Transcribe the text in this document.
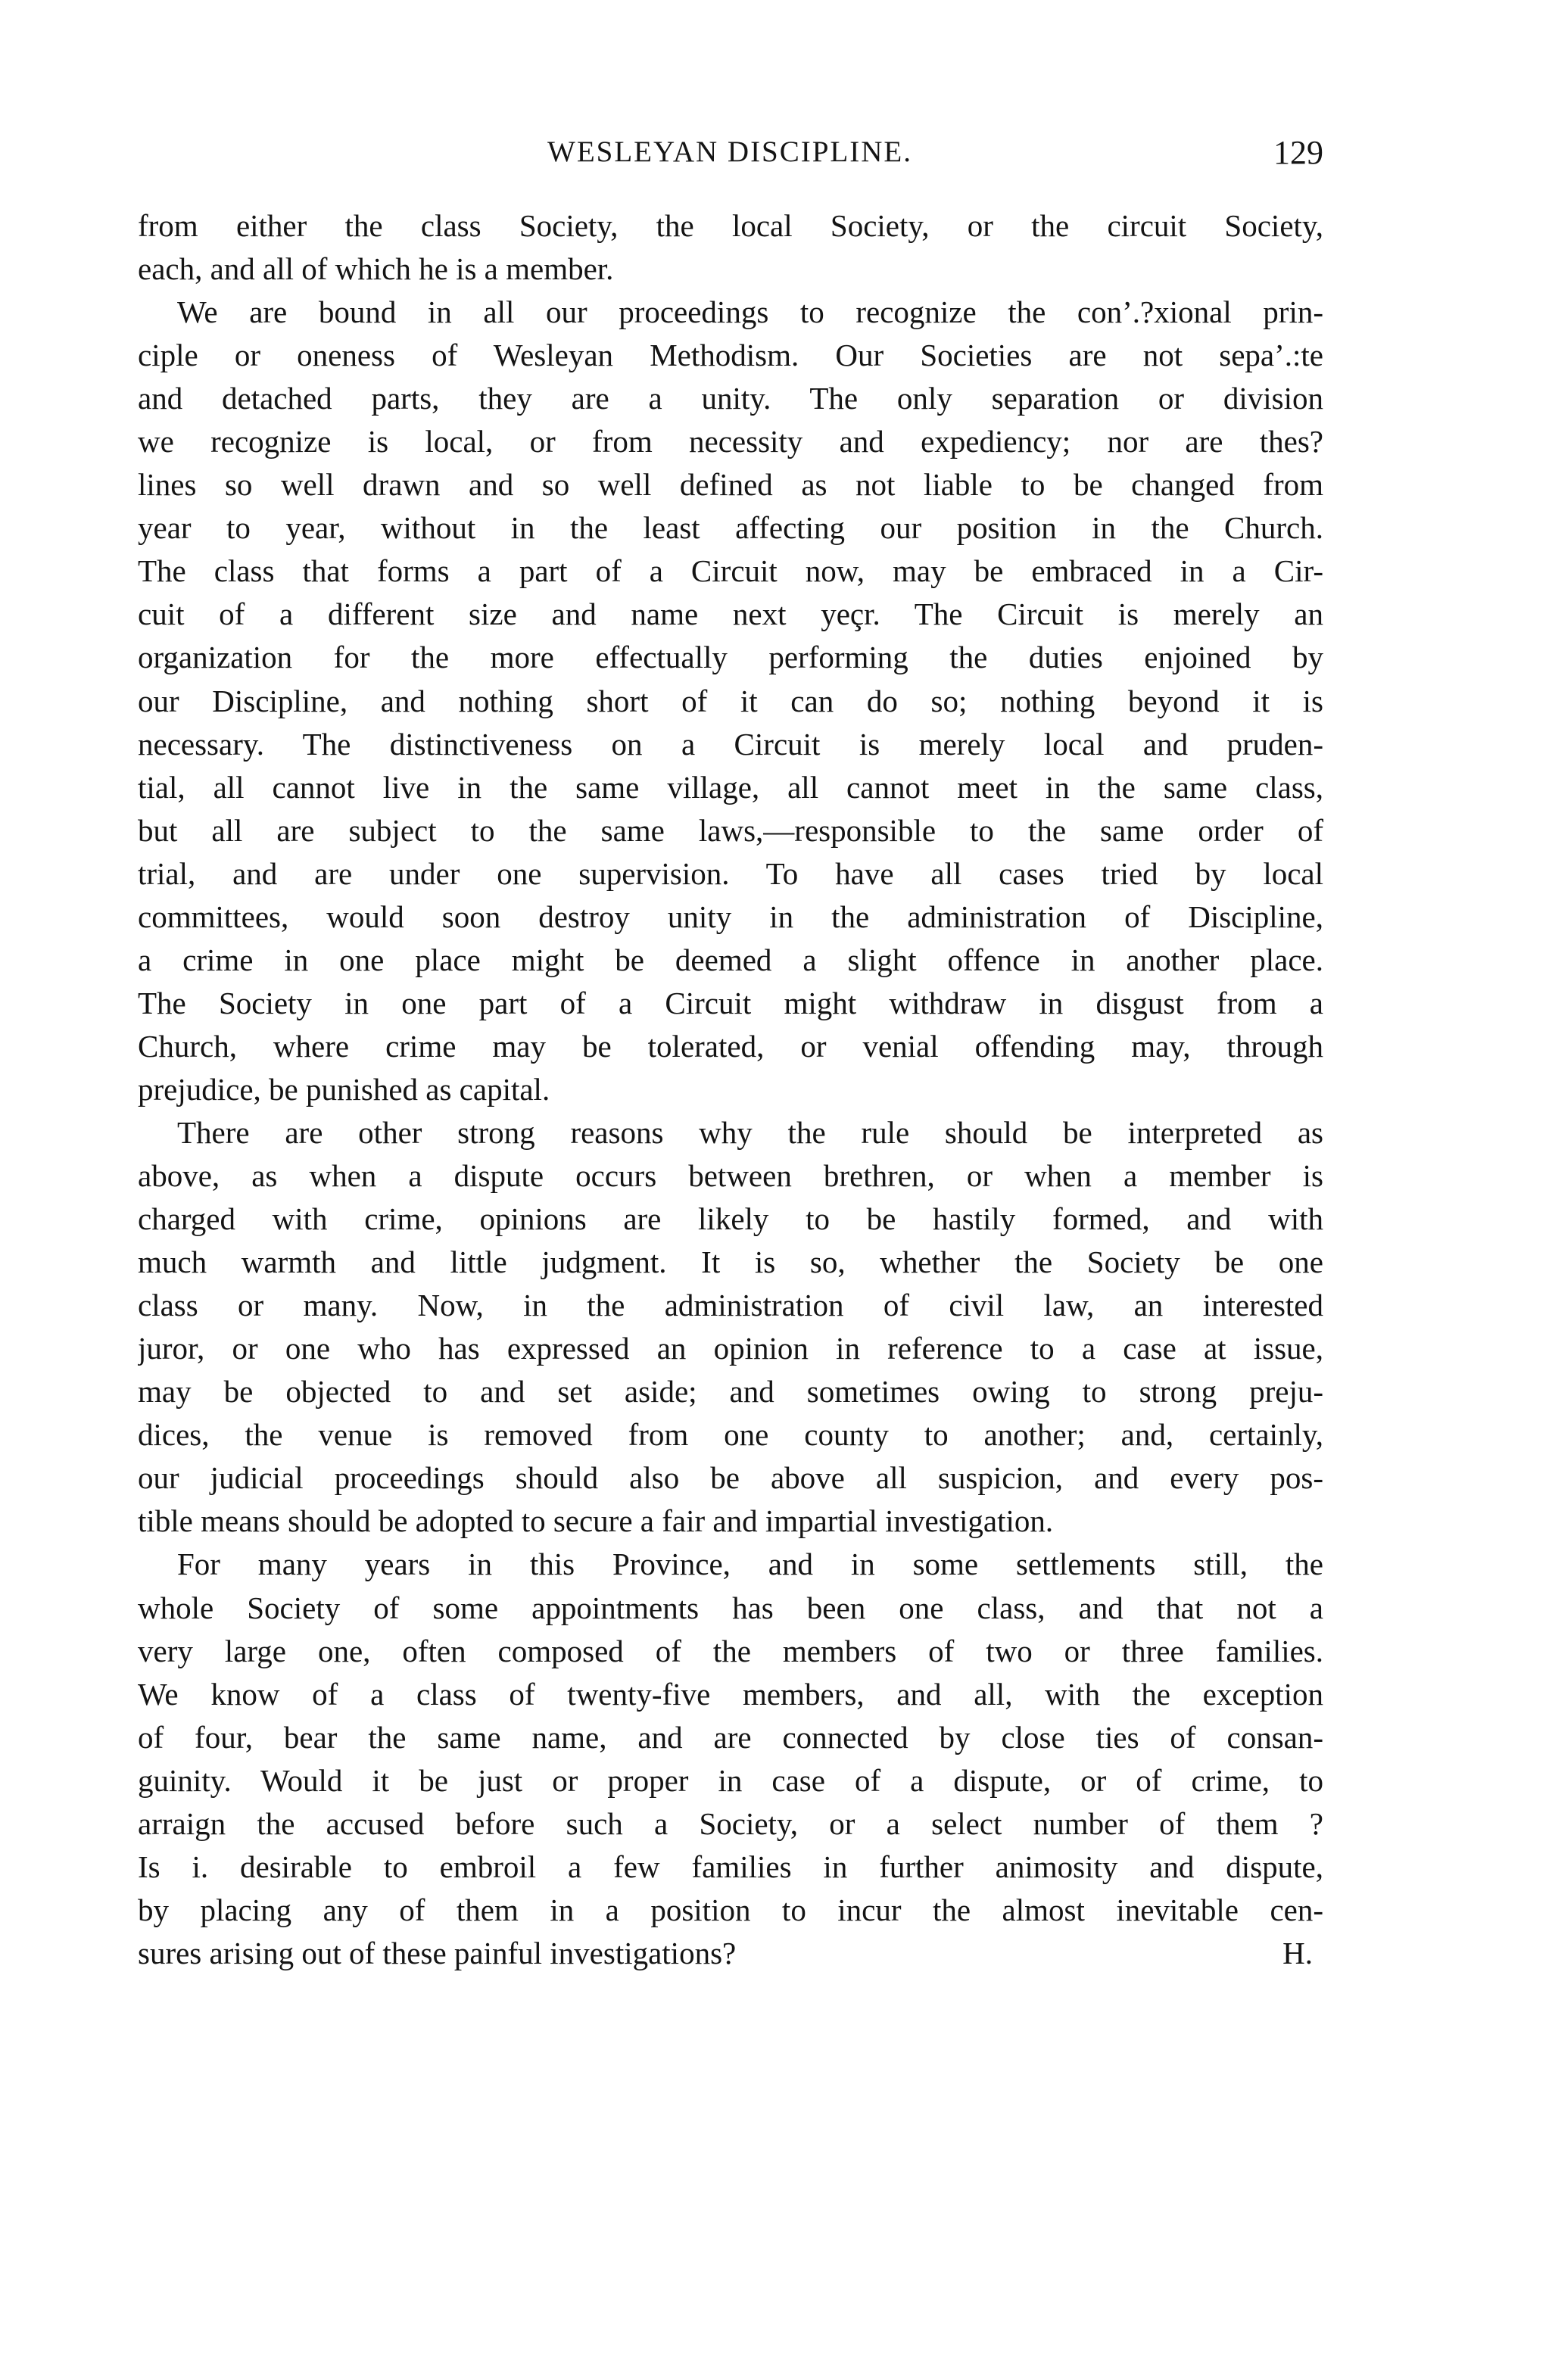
WESLEYAN DISCIPLINE.	129
from either the class Society, the local Society, or the circuit Society,
each, and all of which he is a member.
We are bound in all our proceedings to recognize the con’.?xional prin-
ciple or oneness of Wesleyan Methodism. Our Societies are not sepa’.:te
and detached parts, they are a unity. The only separation or division
we recognize is local, or from necessity and expediency; nor are thes?
lines so well drawn and so well defined as not liable to be changed from
year to year, without in the least affecting our position in the Church.
The class that forms a part of a Circuit now, may be embraced in a Cir-
cuit of a different size and name next yeçr. The Circuit is merely an
organization for the more effectually performing the duties enjoined by
our Discipline, and nothing short of it can do so; nothing beyond it is
necessary. The distinctiveness on a Circuit is merely local and pruden-
tial, all cannot live in the same village, all cannot meet in the same class,
but all are subject to the same laws,—responsible to the same order of
trial, and are under one supervision. To have all cases tried by local
committees, would soon destroy unity in the administration of Discipline,
a crime in one place might be deemed a slight offence in another place.
The Society in one part of a Circuit might withdraw in disgust from a
Church, where crime may be tolerated, or venial offending may, through
prejudice, be punished as capital.
There are other strong reasons why the rule should be interpreted as
above, as when a dispute occurs between brethren, or when a member is
charged with crime, opinions are likely to be hastily formed, and with
much warmth and little judgment. It is so, whether the Society be one
class or many. Now, in the administration of civil law, an interested
juror, or one who has expressed an opinion in reference to a case at issue,
may be objected to and set aside; and sometimes owing to strong preju-
dices, the venue is removed from one county to another; and, certainly,
our judicial proceedings should also be above all suspicion, and every pos-
tible means should be adopted to secure a fair and impartial investigation.
For many years in this Province, and in some settlements still, the
whole Society of some appointments has been one class, and that not a
very large one, often composed of the members of two or three families.
We know of a class of twenty-five members, and all, with the exception
of four, bear the same name, and are connected by close ties of consan-
guinity. Would it be just or proper in case of a dispute, or of crime, to
arraign the accused before such a Society, or a select number of them ?
Is i. desirable to embroil a few families in further animosity and dispute,
by placing any of them in a position to incur the almost inevitable cen-
sures arising out of these painful investigations?	H.
